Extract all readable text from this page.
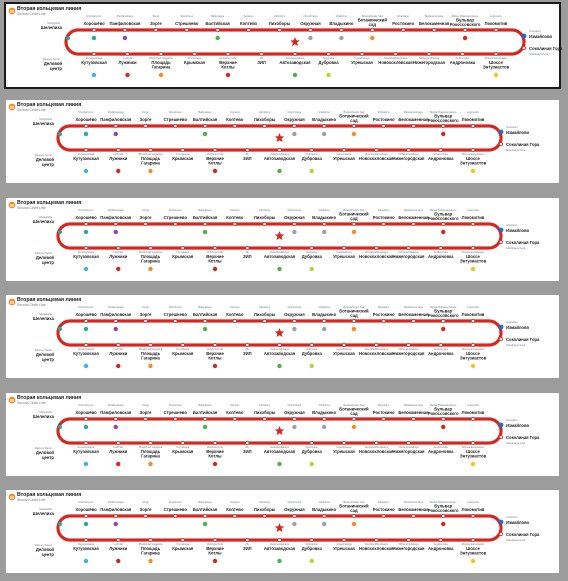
M Вторая кольцевая линия
Second Circle Line
Khoroshyovo
Хорошёво
Panfilovskaya
Панфиловская
Zorge
Зорге
Streshnevo
Стрешнево
Baltiyskaya
Балтийская
Koptevo
Коптево
Likhobory
Лихоборы
Okruzhnaya
Окружная
Vladykino
Владыкино
Botanichesky Sad
Ботанический
сад
Rostokino
Ростокино
Belokamennaya
Белокаменная
Bulvar Rokossovskogo
Бульвар
Рокоссовского
Lokomotiv
Локомотив
Shelepikha
Шелепиха
Delovoy Tsentr
Деловой
центр
Izmaylovo
Измайлово
Соколиная Гора
Sokolinaya Gora
Kutuzovskaya
Кутузовская
Luzhniki
Лужники
Ploshchad Gagarina
Площадь
Гагарина
Krymskaya
Крымская
Verkhnie Kotly
Верхние
Котлы
ZIL
ЗИЛ
Avtozavodskaya
Автозаводская
Dubrovka
Дубровка
Ugreshskaya
Угрешская
Novokhokhlovskaya
Новохохловская
Nizhegorodskaya
Нижегородская
Andronovka
Андроновка
Shosse Entuziastov
Шоссе
Энтузиастов
M Вторая кольцевая линия
Second Circle Line
Khoroshyovo
Хорошёво
Panfilovskaya
Панфиловская
Zorge
Зорге
Streshnevo
Стрешнево
Baltiyskaya
Балтийская
Koptevo
Коптево
Likhobory
Лихоборы
Okruzhnaya
Окружная
Vladykino
Владыкино
Botanichesky Sad
Ботанический
сад
Rostokino
Ростокино
Belokamennaya
Белокаменная
Bulvar Rokossovskogo
Бульвар
Рокоссовского
Lokomotiv
Локомотив
Shelepikha
Шелепиха
Delovoy Tsentr
Деловой
центр
Izmaylovo
Измайлово
Соколиная Гора
Sokolinaya Gora
Kutuzovskaya
Кутузовская
Luzhniki
Лужники
Ploshchad Gagarina
Площадь
Гагарина
Krymskaya
Крымская
Verkhnie Kotly
Верхние
Котлы
ZIL
ЗИЛ
Avtozavodskaya
Автозаводская
Dubrovka
Дубровка
Ugreshskaya
Угрешская
Novokhokhlovskaya
Новохохловская
Nizhegorodskaya
Нижегородская
Andronovka
Андроновка
Shosse Entuziastov
Шоссе
Энтузиастов
M Вторая кольцевая линия
Second Circle Line
Khoroshyovo
Хорошёво
Panfilovskaya
Панфиловская
Zorge
Зорге
Streshnevo
Стрешнево
Baltiyskaya
Балтийская
Koptevo
Коптево
Likhobory
Лихоборы
Okruzhnaya
Окружная
Vladykino
Владыкино
Botanichesky Sad
Ботанический
сад
Rostokino
Ростокино
Belokamennaya
Белокаменная
Bulvar Rokossovskogo
Бульвар
Рокоссовского
Lokomotiv
Локомотив
Shelepikha
Шелепиха
Delovoy Tsentr
Деловой
центр
Izmaylovo
Измайлово
Соколиная Гора
Sokolinaya Gora
Kutuzovskaya
Кутузовская
Luzhniki
Лужники
Ploshchad Gagarina
Площадь
Гагарина
Krymskaya
Крымская
Verkhnie Kotly
Верхние
Котлы
ZIL
ЗИЛ
Avtozavodskaya
Автозаводская
Dubrovka
Дубровка
Ugreshskaya
Угрешская
Novokhokhlovskaya
Новохохловская
Nizhegorodskaya
Нижегородская
Andronovka
Андроновка
Shosse Entuziastov
Шоссе
Энтузиастов
M Вторая кольцевая линия
Second Circle Line
Khoroshyovo
Хорошёво
Panfilovskaya
Панфиловская
Zorge
Зорге
Streshnevo
Стрешнево
Baltiyskaya
Балтийская
Koptevo
Коптево
Likhobory
Лихоборы
Okruzhnaya
Окружная
Vladykino
Владыкино
Botanichesky Sad
Ботанический
сад
Rostokino
Ростокино
Belokamennaya
Белокаменная
Bulvar Rokossovskogo
Бульвар
Рокоссовского
Lokomotiv
Локомотив
Shelepikha
Шелепиха
Delovoy Tsentr
Деловой
центр
Izmaylovo
Измайлово
Соколиная Гора
Sokolinaya Gora
Kutuzovskaya
Кутузовская
Luzhniki
Лужники
Ploshchad Gagarina
Площадь
Гагарина
Krymskaya
Крымская
Verkhnie Kotly
Верхние
Котлы
ZIL
ЗИЛ
Avtozavodskaya
Автозаводская
Dubrovka
Дубровка
Ugreshskaya
Угрешская
Novokhokhlovskaya
Новохохловская
Nizhegorodskaya
Нижегородская
Andronovka
Андроновка
Shosse Entuziastov
Шоссе
Энтузиастов
M Вторая кольцевая линия
Second Circle Line
Khoroshyovo
Хорошёво
Panfilovskaya
Панфиловская
Zorge
Зорге
Streshnevo
Стрешнево
Baltiyskaya
Балтийская
Koptevo
Коптево
Likhobory
Лихоборы
Okruzhnaya
Окружная
Vladykino
Владыкино
Botanichesky Sad
Ботанический
сад
Rostokino
Ростокино
Belokamennaya
Белокаменная
Bulvar Rokossovskogo
Бульвар
Рокоссовского
Lokomotiv
Локомотив
Shelepikha
Шелепиха
Delovoy Tsentr
Деловой
центр
Izmaylovo
Измайлово
Соколиная Гора
Sokolinaya Gora
Kutuzovskaya
Кутузовская
Luzhniki
Лужники
Ploshchad Gagarina
Площадь
Гагарина
Krymskaya
Крымская
Verkhnie Kotly
Верхние
Котлы
ZIL
ЗИЛ
Avtozavodskaya
Автозаводская
Dubrovka
Дубровка
Ugreshskaya
Угрешская
Novokhokhlovskaya
Новохохловская
Nizhegorodskaya
Нижегородская
Andronovka
Андроновка
Shosse Entuziastov
Шоссе
Энтузиастов
M Вторая кольцевая линия
Second Circle Line
Khoroshyovo
Хорошёво
Panfilovskaya
Панфиловская
Zorge
Зорге
Streshnevo
Стрешнево
Baltiyskaya
Балтийская
Koptevo
Коптево
Likhobory
Лихоборы
Okruzhnaya
Окружная
Vladykino
Владыкино
Botanichesky Sad
Ботанический
сад
Rostokino
Ростокино
Belokamennaya
Белокаменная
Bulvar Rokossovskogo
Бульвар
Рокоссовского
Lokomotiv
Локомотив
Shelepikha
Шелепиха
Delovoy Tsentr
Деловой
центр
Izmaylovo
Измайлово
Соколиная Гора
Sokolinaya Gora
Kutuzovskaya
Кутузовская
Luzhniki
Лужники
Ploshchad Gagarina
Площадь
Гагарина
Krymskaya
Крымская
Verkhnie Kotly
Верхние
Котлы
ZIL
ЗИЛ
Avtozavodskaya
Автозаводская
Dubrovka
Дубровка
Ugreshskaya
Угрешская
Novokhokhlovskaya
Новохохловская
Nizhegorodskaya
Нижегородская
Andronovka
Андроновка
Shosse Entuziastov
Шоссе
Энтузиастов
